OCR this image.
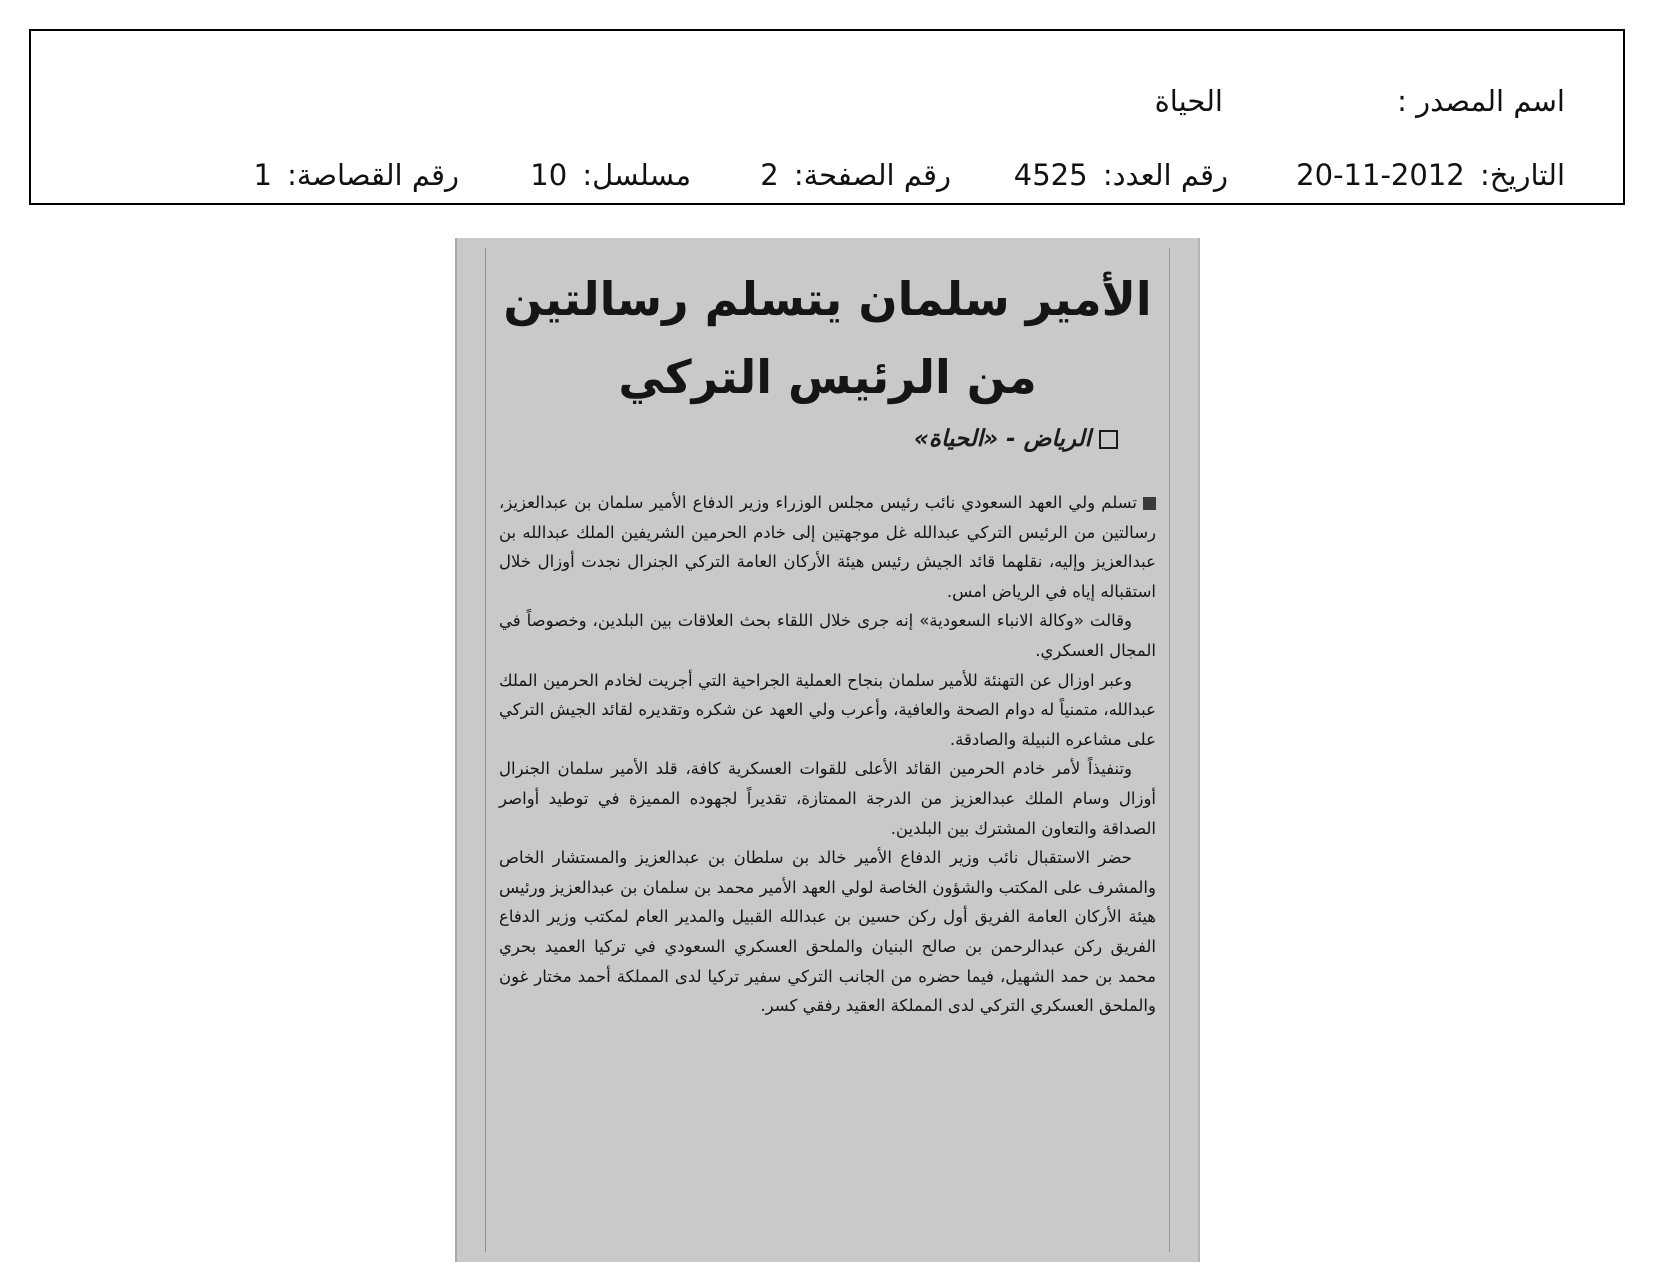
اسم المصدر :
الحياة
التاريخ: 2012-11-20
رقم العدد: 4525
رقم الصفحة: 2
مسلسل: 10
رقم القصاصة: 1
الأمير سلمان يتسلم رسالتين
من الرئيس التركي
الرياض - «الحياة»

تسلم ولي العهد السعودي نائب رئيس مجلس الوزراء وزير الدفاع الأمير سلمان بن عبدالعزيز، رسالتين من الرئيس التركي عبدالله غل موجهتين إلى خادم الحرمين الشريفين الملك عبدالله بن عبدالعزيز وإليه، نقلهما قائد الجيش رئيس هيئة الأركان العامة التركي الجنرال نجدت أوزال خلال استقباله إياه في الرياض امس.

وقالت «وكالة الانباء السعودية» إنه جرى خلال اللقاء بحث العلاقات بين البلدين، وخصوصاً في المجال العسكري.

وعبر اوزال عن التهنئة للأمير سلمان بنجاح العملية الجراحية التي أجريت لخادم الحرمين الملك عبدالله، متمنياً له دوام الصحة والعافية، وأعرب ولي العهد عن شكره وتقديره لقائد الجيش التركي على مشاعره النبيلة والصادقة.

وتنفيذاً لأمر خادم الحرمين القائد الأعلى للقوات العسكرية كافة، قلد الأمير سلمان الجنرال أوزال وسام الملك عبدالعزيز من الدرجة الممتازة، تقديراً لجهوده المميزة في توطيد أواصر الصداقة والتعاون المشترك بين البلدين.

حضر الاستقبال نائب وزير الدفاع الأمير خالد بن سلطان بن عبدالعزيز والمستشار الخاص والمشرف على المكتب والشؤون الخاصة لولي العهد الأمير محمد بن سلمان بن عبدالعزيز ورئيس هيئة الأركان العامة الفريق أول ركن حسين بن عبدالله القبيل والمدير العام لمكتب وزير الدفاع الفريق ركن عبدالرحمن بن صالح البنيان والملحق العسكري السعودي في تركيا العميد بحري محمد بن حمد الشهيل، فيما حضره من الجانب التركي سفير تركيا لدى المملكة أحمد مختار غون والملحق العسكري التركي لدى المملكة العقيد رفقي كسر.
